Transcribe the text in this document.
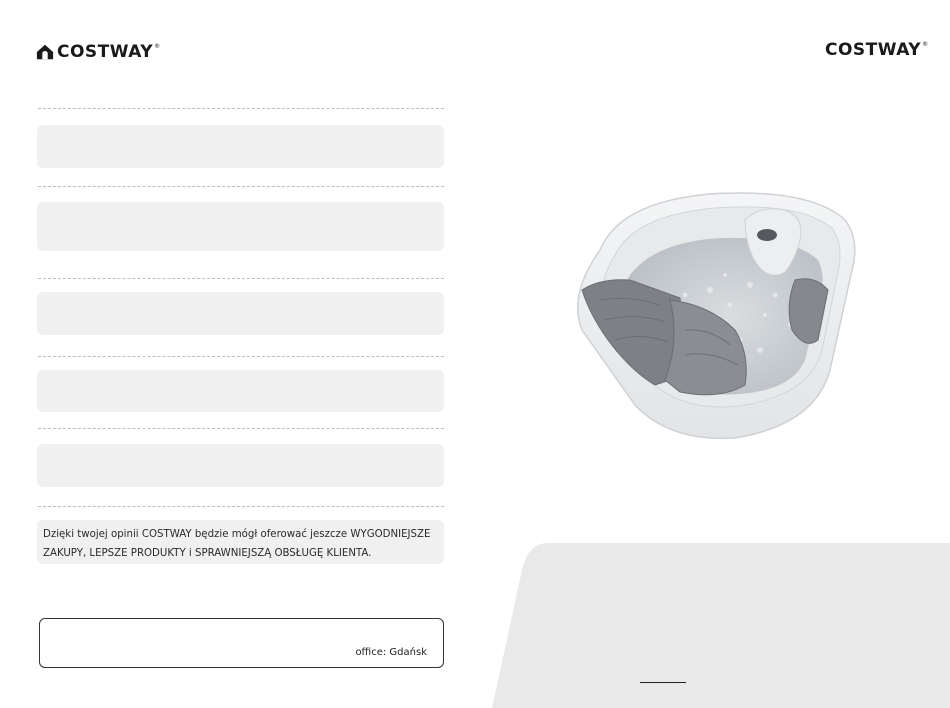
COSTWAY ®	COSTWAY ®
Dzięki twojej opinii COSTWAY będzie mógł oferować jeszcze WYGODNIEJSZE
ZAKUPY, LEPSZE PRODUKTY i SPRAWNIEJSZĄ OBSŁUGĘ KLIENTA.
office: Gdańsk
